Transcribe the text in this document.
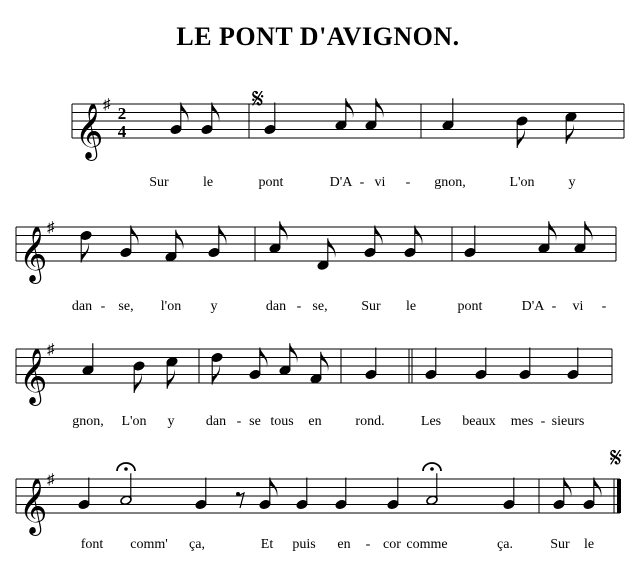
LE PONT D'AVIGNON.
𝄞 ♯ 2
4
𝄋
Sur le	pont	D'A - vi - gnon,	L'on y
𝄞 ♯
dan - se, l'on y	dan - se, Sur le	pont	D'A - vi -
𝄞 ♯
gnon, L'on y dan - se tous en rond.	Les beaux mes - sieurs
𝄞 ♯
𝄋
font comm' ça,	Et puis en - cor comme	ça.	Sur le
